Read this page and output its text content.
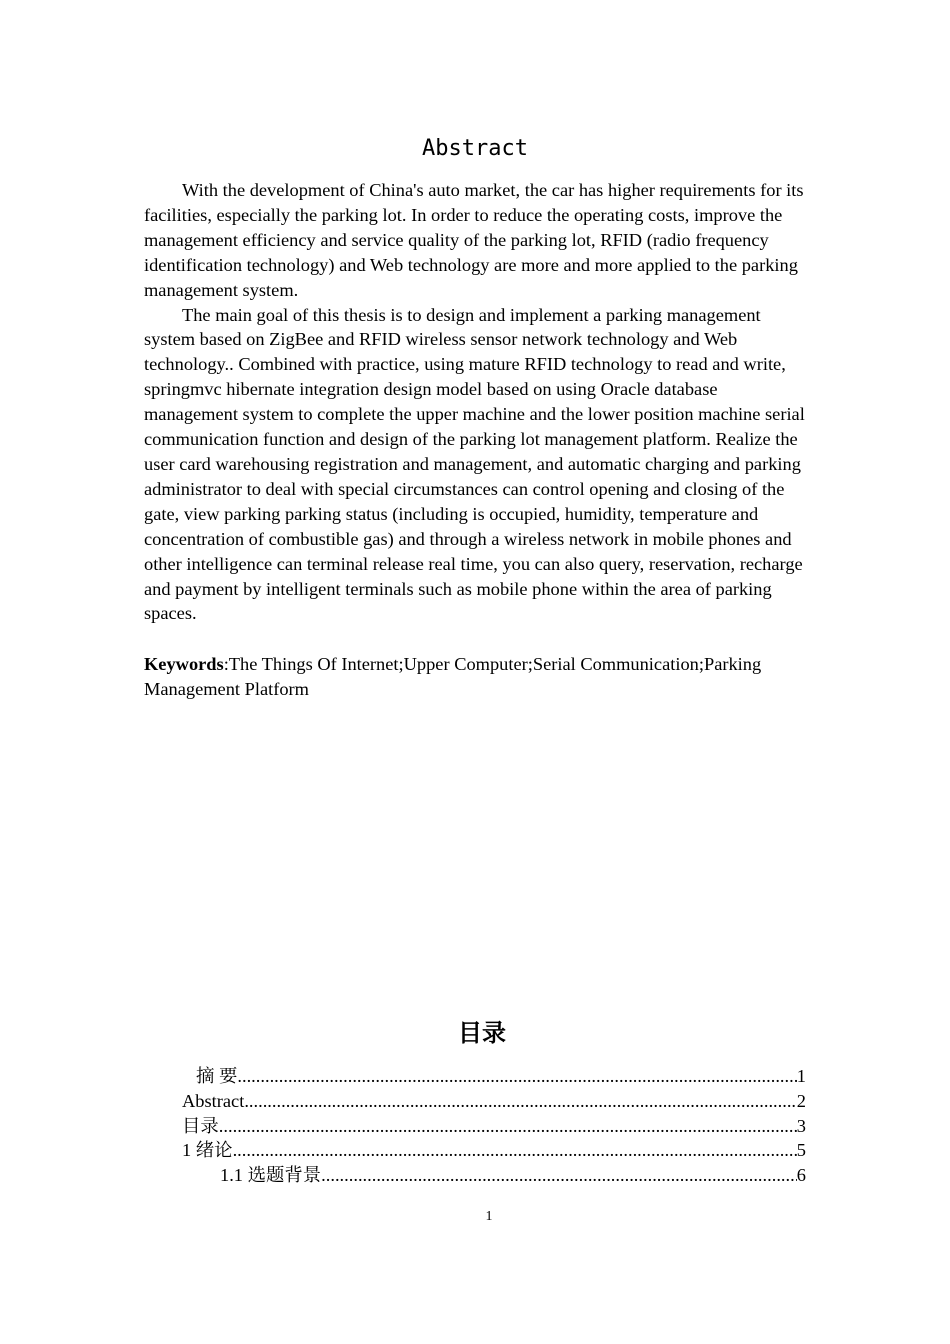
Abstract

With the development of China's auto market, the car has higher requirements for its facilities, especially the parking lot. In order to reduce the operating costs, improve the management efficiency and service quality of the parking lot, RFID (radio frequency identification technology) and Web technology are more and more applied to the parking management system.

The main goal of this thesis is to design and implement a parking management system based on ZigBee and RFID wireless sensor network technology and Web technology.. Combined with practice, using mature RFID technology to read and write, springmvc hibernate integration design model based on using Oracle database management system to complete the upper machine and the lower position machine serial communication function and design of the parking lot management platform. Realize the user card warehousing registration and management, and automatic charging and parking administrator to deal with special circumstances can control opening and closing of the gate, view parking parking status (including is occupied, humidity, temperature and concentration of combustible gas) and through a wireless network in mobile phones and other intelligence can terminal release real time, you can also query, reservation, recharge and payment by intelligent terminals such as mobile phone within the area of parking spaces.

Keywords:The Things Of Internet;Upper Computer;Serial Communication;Parking Management Platform
目录
摘 要 .....	1
Abstract .....	2
目录 .....	3
1 绪论 .....	5
1.1 选题背景 .....	6
1
